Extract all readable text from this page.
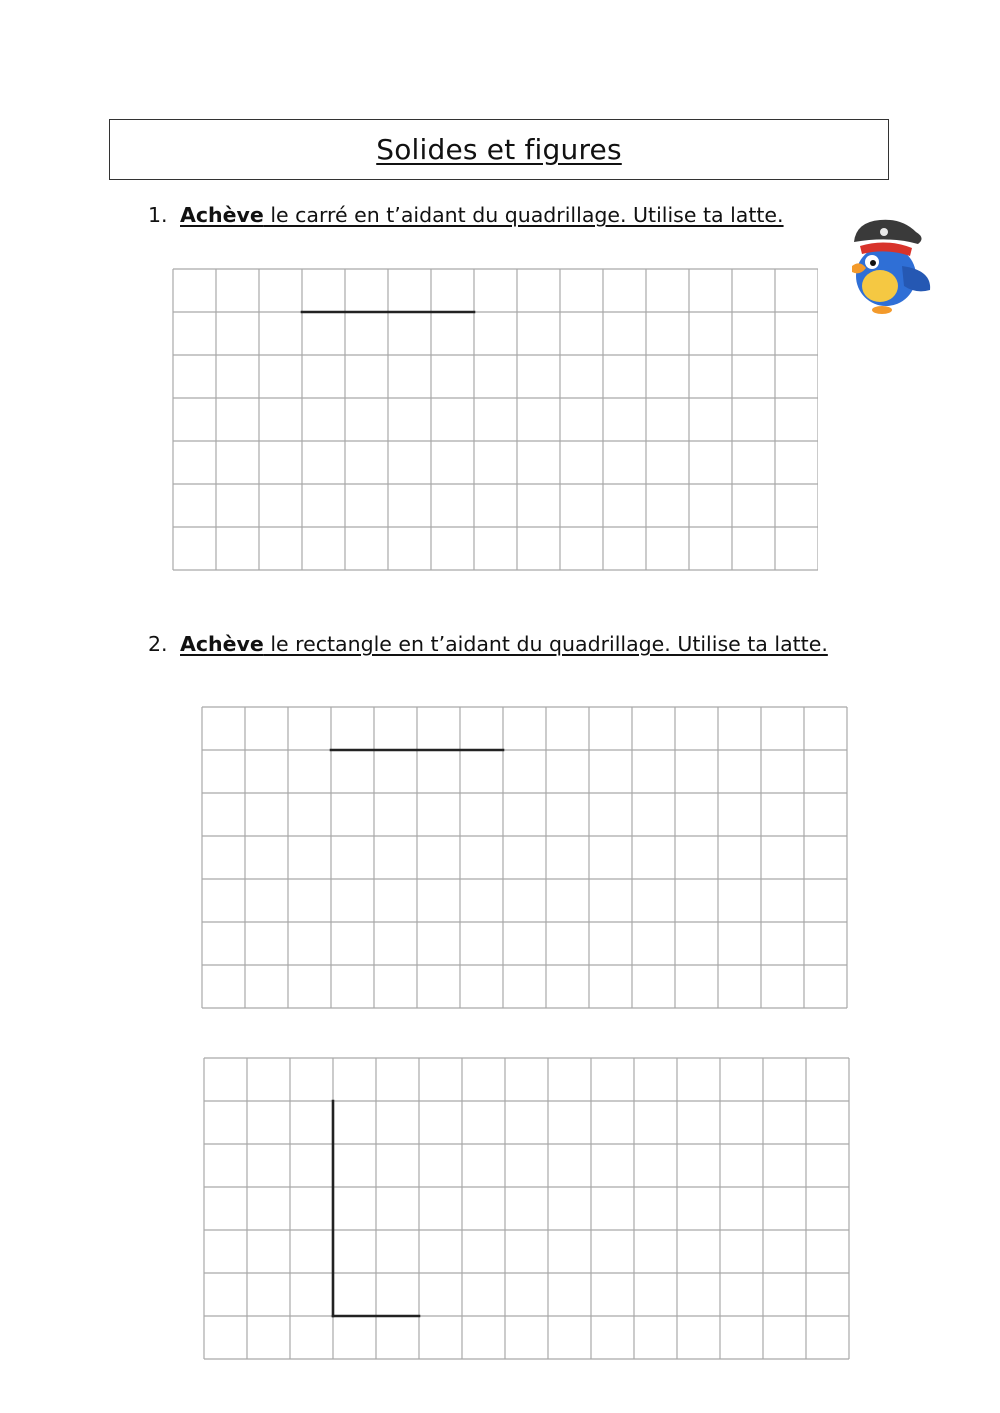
Solides et figures
1. Achève le carré en t’aidant du quadrillage. Utilise ta latte.
2. Achève le rectangle en t’aidant du quadrillage. Utilise ta latte.
